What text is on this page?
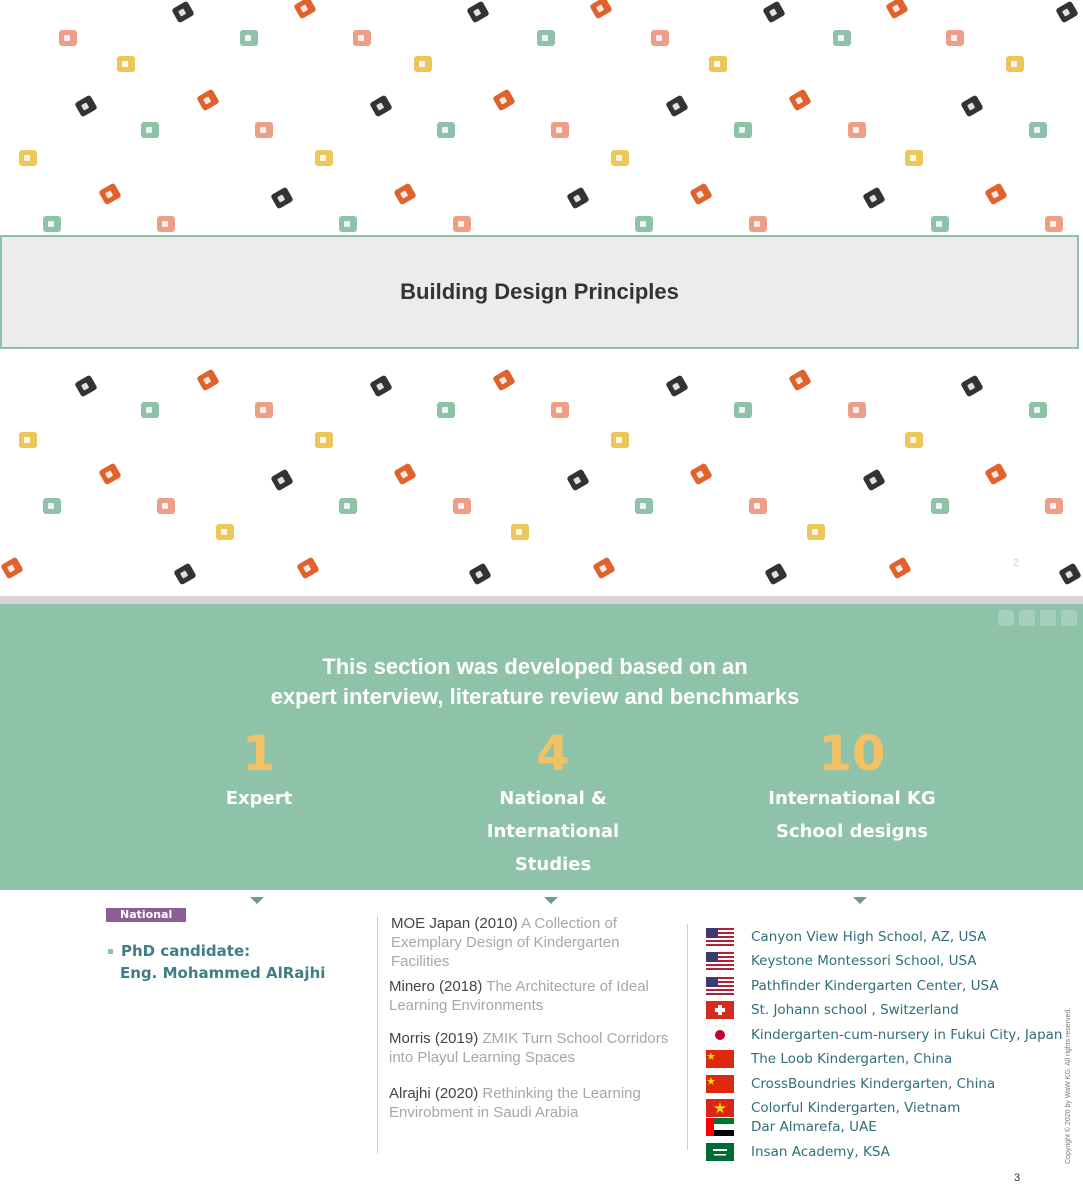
Building Design Principles
2
This section was developed based on an
expert interview, literature review and benchmarks
1
Expert
4
National &
International
Studies
10
International KG
School designs
National
PhD candidate:
Eng. Mohammed AlRajhi
MOE Japan (2010) A Collection of Exemplary Design of Kindergarten Facilities
Minero (2018) The Architecture of Ideal Learning Environments
Morris (2019) ZMIK Turn School Corridors into Playul Learning Spaces
Alrajhi (2020) Rethinking the Learning Envirobment in Saudi Arabia
Canyon View High School, AZ, USA
Keystone Montessori School, USA
Pathfinder Kindergarten Center, USA
St. Johann school , Switzerland
Kindergarten-cum-nursery in Fukui City, Japan
The Loob Kindergarten, China
CrossBoundries Kindergarten, China
Colorful Kindergarten, Vietnam
Dar Almarefa, UAE
Insan Academy, KSA	Copyright © 2020 by WaW KG. All rights reserved.
3
